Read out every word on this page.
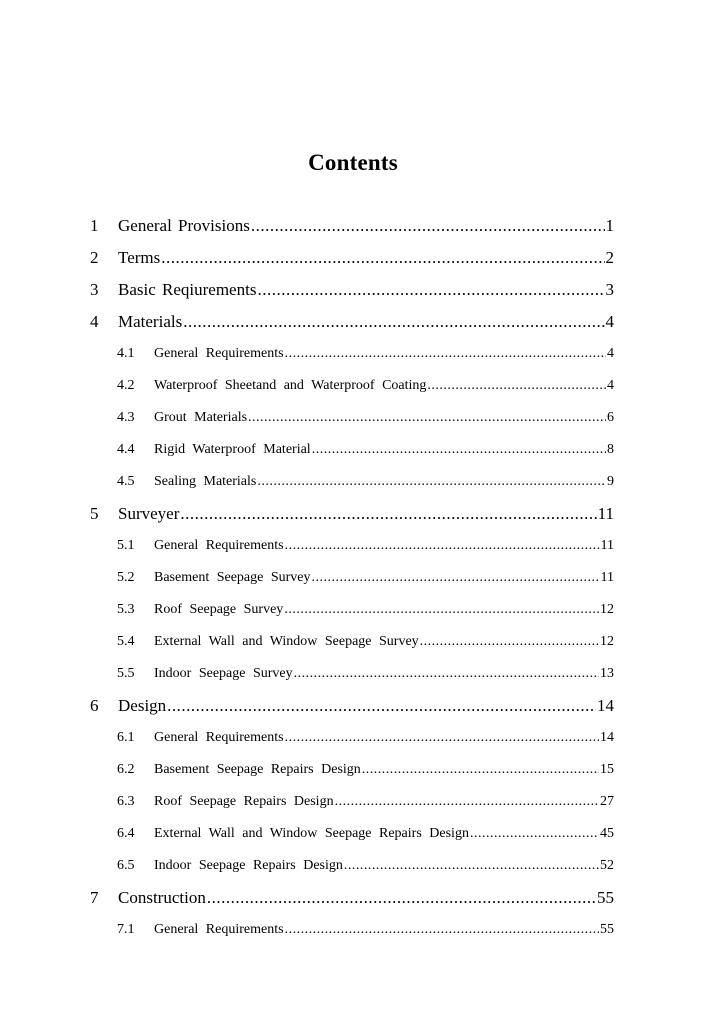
Contents
1	General Provisions .....	1
2	Terms .....	2
3	Basic Reqiurements .....	3
4	Materials .....	4
4.1	General Requirements .....	4
4.2	Waterproof Sheetand and Waterproof Coating .....	4
4.3	Grout Materials .....	6
4.4	Rigid Waterproof Material .....	8
4.5	Sealing Materials .....	9
5	Surveyer .....	11
5.1	General Requirements .....	11
5.2	Basement Seepage Survey .....	11
5.3	Roof Seepage Survey .....	12
5.4	External Wall and Window Seepage Survey .....	12
5.5	Indoor Seepage Survey .....	13
6	Design .....	14
6.1	General Requirements .....	14
6.2	Basement Seepage Repairs Design .....	15
6.3	Roof Seepage Repairs Design .....	27
6.4	External Wall and Window Seepage Repairs Design .....	45
6.5	Indoor Seepage Repairs Design .....	52
7	Construction .....	55
7.1	General Requirements .....	55
